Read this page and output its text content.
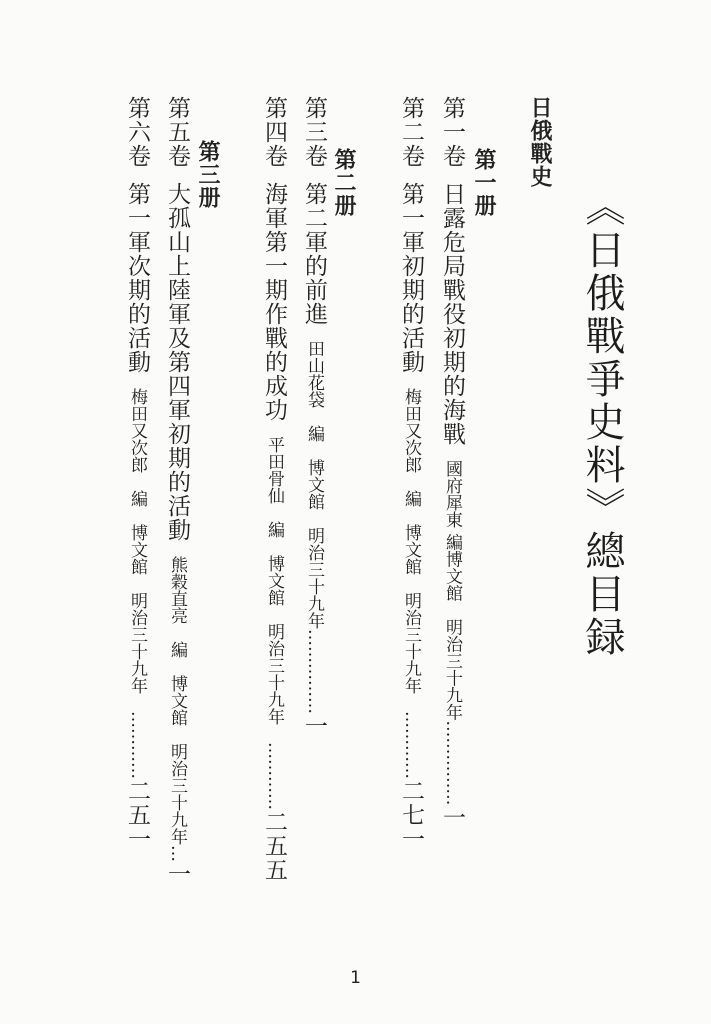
《日俄戰爭史料》總目録
日俄戰史
第一册
第一卷日露危局戰役初期的海戰國府犀東 編博文館　明治三十九年……………一
第二卷第一軍初期的活動梅田又次郎　編　博文館　明治三十九年　…………二七一
第二册
第三卷第二軍的前進田山花袋　編　博文館　明治三十九年……………一
第四卷海軍第一期作戰的成功平田骨仙　編　博文館　明治三十九年　…………二五五
第三册
第五卷大孤山上陸軍及第四軍初期的活動熊穀直亮　編　博文館　明治三十九年…一
第六卷第一軍次期的活動梅田又次郎　編　博文館　明治三十九年　…………二五一
1
